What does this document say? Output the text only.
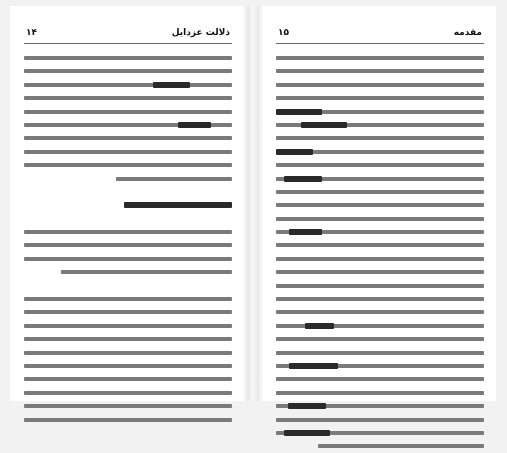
۱۴	ذلالت عزدایل	۱۵	مقدمه
